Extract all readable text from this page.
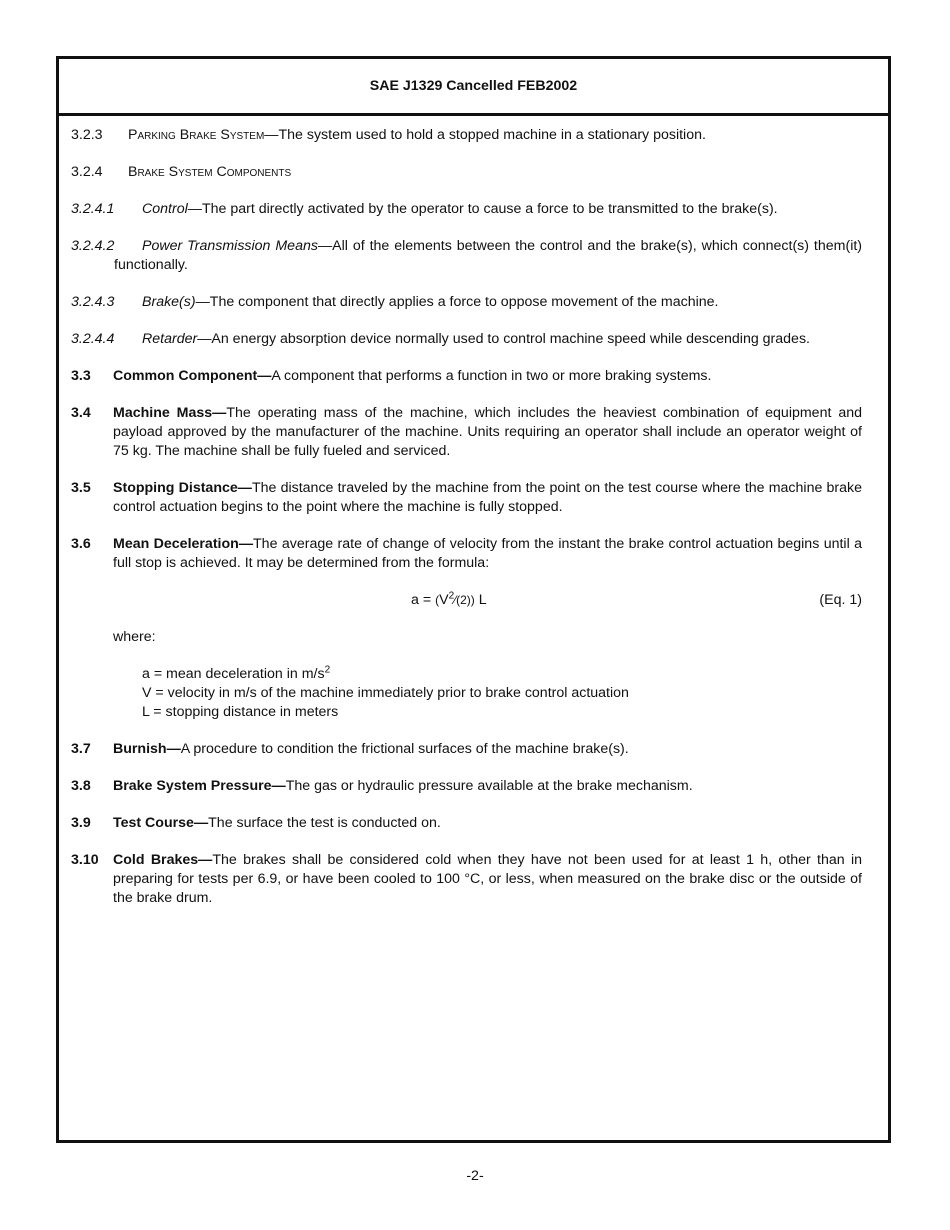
SAE J1329 Cancelled FEB2002
3.2.3 Parking Brake System—The system used to hold a stopped machine in a stationary position.
3.2.4 Brake System Components
3.2.4.1	Control—The part directly activated by the operator to cause a force to be transmitted to the brake(s).
3.2.4.2	Power Transmission Means—All of the elements between the control and the brake(s), which connect(s) them(it) functionally.
3.2.4.3	Brake(s)—The component that directly applies a force to oppose movement of the machine.
3.2.4.4	Retarder—An energy absorption device normally used to control machine speed while descending grades.
3.3 Common Component—A component that performs a function in two or more braking systems.
3.4 Machine Mass—The operating mass of the machine, which includes the heaviest combination of equipment and payload approved by the manufacturer of the machine. Units requiring an operator shall include an operator weight of 75 kg. The machine shall be fully fueled and serviced.
3.5 Stopping Distance—The distance traveled by the machine from the point on the test course where the machine brake control actuation begins to the point where the machine is fully stopped.
3.6 Mean Deceleration—The average rate of change of velocity from the instant the brake control actuation begins until a full stop is achieved. It may be determined from the formula:
$a = (V^2⁄(2))$ L	(Eq. 1)
where:
a = mean deceleration in $m/s^2$
V = velocity in m/s of the machine immediately prior to brake control actuation
L = stopping distance in meters
3.7 Burnish—A procedure to condition the frictional surfaces of the machine brake(s).
3.8 Brake System Pressure—The gas or hydraulic pressure available at the brake mechanism.
3.9 Test Course—The surface the test is conducted on.
3.10 Cold Brakes—The brakes shall be considered cold when they have not been used for at least 1 h, other than in preparing for tests per 6.9, or have been cooled to 100 °C, or less, when measured on the brake disc or the outside of the brake drum.
-2-
